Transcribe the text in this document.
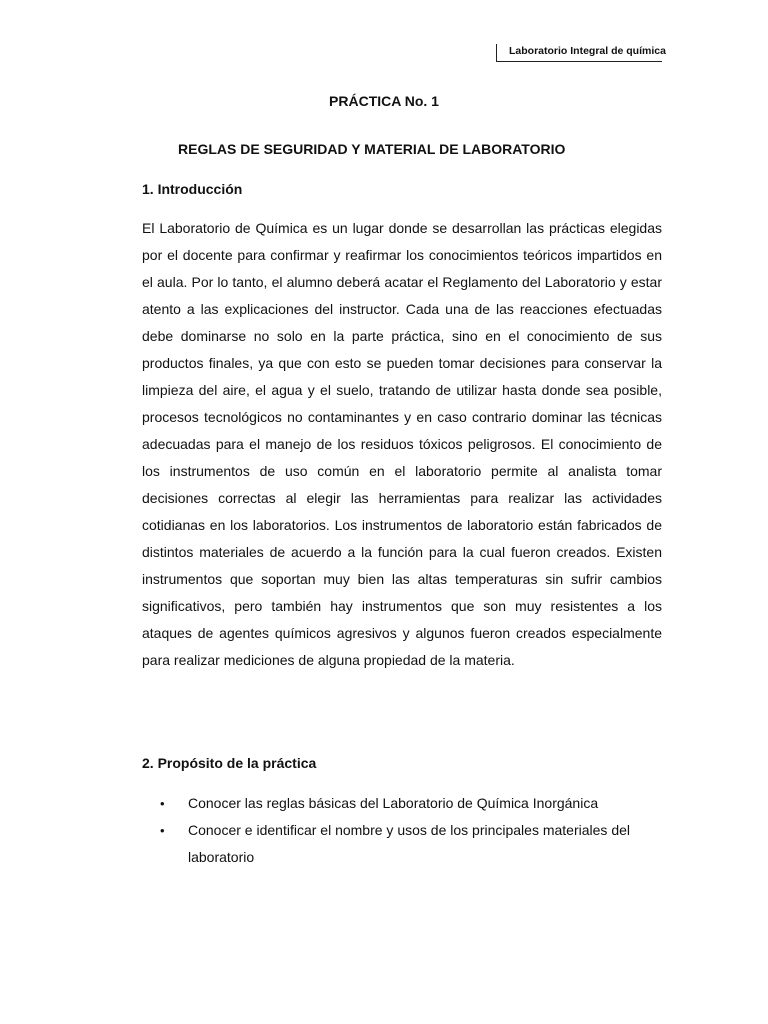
Laboratorio Integral de química
PRÁCTICA No. 1
REGLAS DE SEGURIDAD Y MATERIAL DE LABORATORIO
1. Introducción

El Laboratorio de Química es un lugar donde se desarrollan las prácticas elegidas por el docente para confirmar y reafirmar los conocimientos teóricos impartidos en el aula. Por lo tanto, el alumno deberá acatar el Reglamento del Laboratorio y estar atento a las explicaciones del instructor. Cada una de las reacciones efectuadas debe dominarse no solo en la parte práctica, sino en el conocimiento de sus productos finales, ya que con esto se pueden tomar decisiones para conservar la limpieza del aire, el agua y el suelo, tratando de utilizar hasta donde sea posible, procesos tecnológicos no contaminantes y en caso contrario dominar las técnicas adecuadas para el manejo de los residuos tóxicos peligrosos. El conocimiento de los instrumentos de uso común en el laboratorio permite al analista tomar decisiones correctas al elegir las herramientas para realizar las actividades cotidianas en los laboratorios. Los instrumentos de laboratorio están fabricados de distintos materiales de acuerdo a la función para la cual fueron creados. Existen instrumentos que soportan muy bien las altas temperaturas sin sufrir cambios significativos, pero también hay instrumentos que son muy resistentes a los ataques de agentes químicos agresivos y algunos fueron creados especialmente para realizar mediciones de alguna propiedad de la materia.

2. Propósito de la práctica
• Conocer las reglas básicas del Laboratorio de Química Inorgánica
• Conocer e identificar el nombre y usos de los principales materiales del laboratorio
